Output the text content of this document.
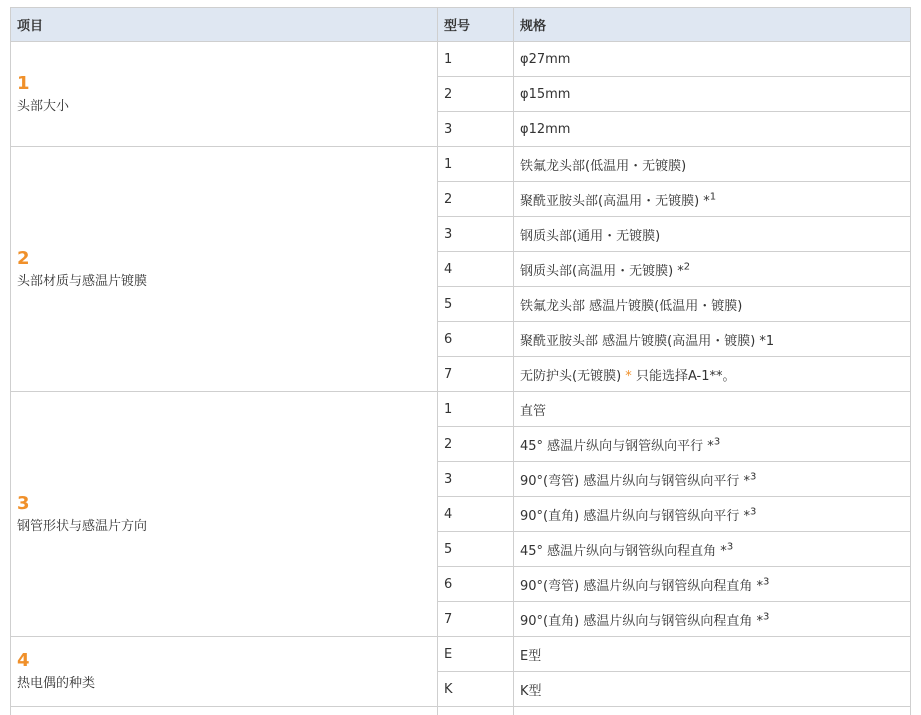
项目	型号	规格

1
头部大小	1	φ27mm
	2	φ15mm
	3	φ12mm

2
头部材质与感温片镀膜	1	铁氟龙头部(低温用・无镀膜)
	2	聚酰亚胺头部(高温用・无镀膜) *$^1$
	3	钢质头部(通用・无镀膜)
	4	钢质头部(高温用・无镀膜) *$^2$
	5	铁氟龙头部 感温片镀膜(低温用・镀膜)
	6	聚酰亚胺头部 感温片镀膜(高温用・镀膜) *1
	7	无防护头(无镀膜) * 只能选择A-1**。

3
钢管形状与感温片方向	1	直管
	2	45° 感温片纵向与钢管纵向平行 *$^3$
	3	90°(弯管) 感温片纵向与钢管纵向平行 *$^3$
	4	90°(直角) 感温片纵向与钢管纵向平行 *$^3$
	5	45° 感温片纵向与钢管纵向程直角 *$^3$
	6	90°(弯管) 感温片纵向与钢管纵向程直角 *$^3$
	7	90°(直角) 感温片纵向与钢管纵向程直角 *$^3$

4
热电偶的种类	E	E型
	K	K型
